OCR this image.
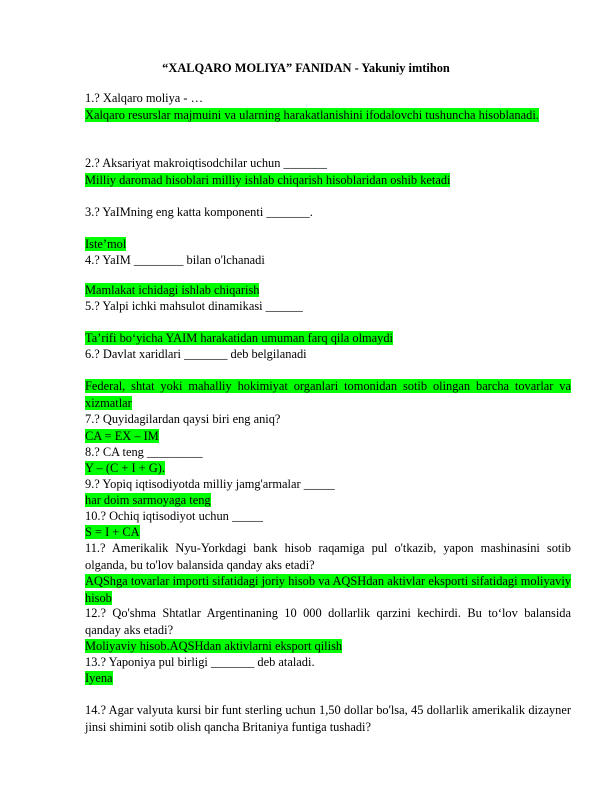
“XALQARO MOLIYA” FANIDAN - Yakuniy imtihon
1.? Xalqaro moliya - …
Xalqaro resurslar majmuini va ularning harakatlanishini ifodalovchi tushuncha hisoblanadi.
2.? Aksariyat makroiqtisodchilar uchun _______
Milliy daromad hisoblari milliy ishlab chiqarish hisoblaridan oshib ketadi
3.? YaIMning eng katta komponenti _______.
Iste’mol
4.? YaIM ________ bilan o'lchanadi
Mamlakat ichidagi ishlab chiqarish
5.? Yalpi ichki mahsulot dinamikasi ______
Ta’rifi bo‘yicha YAIM harakatidan umuman farq qila olmaydi
6.? Davlat xaridlari _______ deb belgilanadi
Federal, shtat yoki mahalliy hokimiyat organlari tomonidan sotib olingan barcha tovarlar va xizmatlar
7.? Quyidagilardan qaysi biri eng aniq?
CA = EX – IM
8.? CA teng _________
Y – (C + I + G).
9.? Yopiq iqtisodiyotda milliy jamg'armalar _____
har doim sarmoyaga teng
10.? Ochiq iqtisodiyot uchun _____
S = I + CA
11.? Amerikalik Nyu-Yorkdagi bank hisob raqamiga pul o'tkazib, yapon mashinasini sotib olganda, bu to'lov balansida qanday aks etadi?
AQShga tovarlar importi sifatidagi joriy hisob va AQSHdan aktivlar eksporti sifatidagi moliyaviy hisob
12.? Qo'shma Shtatlar Argentinaning 10 000 dollarlik qarzini kechirdi. Bu to‘lov balansida qanday aks etadi?
Moliyaviy hisob.AQSHdan aktivlarni eksport qilish
13.? Yaponiya pul birligi _______ deb ataladi.
Iyena
14.? Agar valyuta kursi bir funt sterling uchun 1,50 dollar bo'lsa, 45 dollarlik amerikalik dizayner jinsi shimini sotib olish qancha Britaniya funtiga tushadi?
